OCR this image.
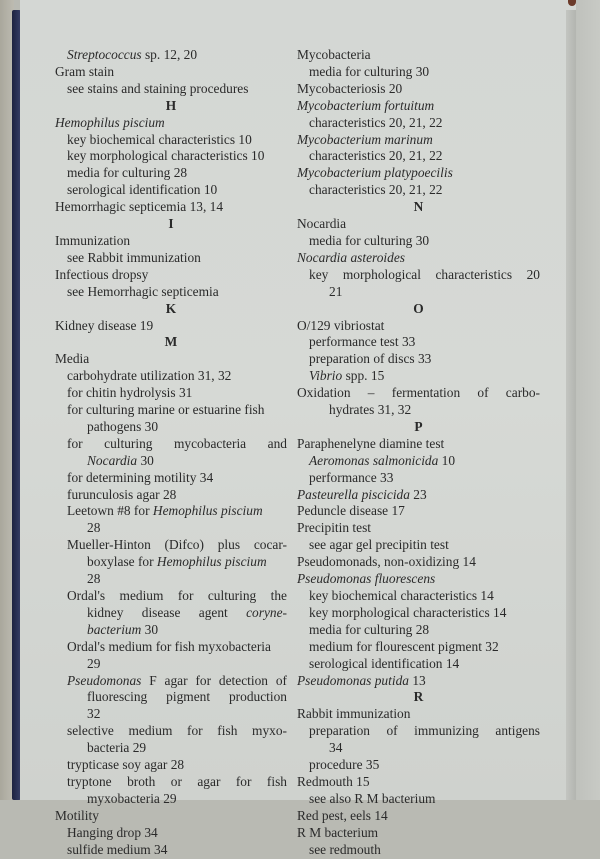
Streptococcus sp. 12, 20
Gram stain
see stains and staining procedures
H
Hemophilus piscium
key biochemical characteristics 10
key morphological characteristics 10
media for culturing 28
serological identification 10
Hemorrhagic septicemia 13, 14
I
Immunization
see Rabbit immunization
Infectious dropsy
see Hemorrhagic septicemia
K
Kidney disease 19
M
Media
carbohydrate utilization 31, 32
for chitin hydrolysis 31
for culturing marine or estuarine fish
pathogens 30
for culturing mycobacteria and
Nocardia 30
for determining motility 34
furunculosis agar 28
Leetown #8 for Hemophilus piscium
28
Mueller-Hinton (Difco) plus cocar-
boxylase for Hemophilus piscium
28
Ordal's medium for culturing the
kidney disease agent coryne-
bacterium 30
Ordal's medium for fish myxobacteria
29
Pseudomonas F agar for detection of
fluorescing pigment production
32
selective medium for fish myxo-
bacteria 29
trypticase soy agar 28
tryptone broth or agar for fish
myxobacteria 29
Motility
Hanging drop 34
sulfide medium 34
Mycobacteria
media for culturing 30
Mycobacteriosis 20
Mycobacterium fortuitum
characteristics 20, 21, 22
Mycobacterium marinum
characteristics 20, 21, 22
Mycobacterium platypoecilis
characteristics 20, 21, 22
N
Nocardia
media for culturing 30
Nocardia asteroides
key morphological characteristics 20
21
O
O/129 vibriostat
performance test 33
preparation of discs 33
Vibrio spp. 15
Oxidation – fermentation of carbo-
hydrates 31, 32
P
Paraphenelyne diamine test
Aeromonas salmonicida 10
performance 33
Pasteurella piscicida 23
Peduncle disease 17
Precipitin test
see agar gel precipitin test
Pseudomonads, non-oxidizing 14
Pseudomonas fluorescens
key biochemical characteristics 14
key morphological characteristics 14
media for culturing 28
medium for flourescent pigment 32
serological identification 14
Pseudomonas putida 13
R
Rabbit immunization
preparation of immunizing antigens
34
procedure 35
Redmouth 15
see also R M bacterium
Red pest, eels 14
R M bacterium
see redmouth
